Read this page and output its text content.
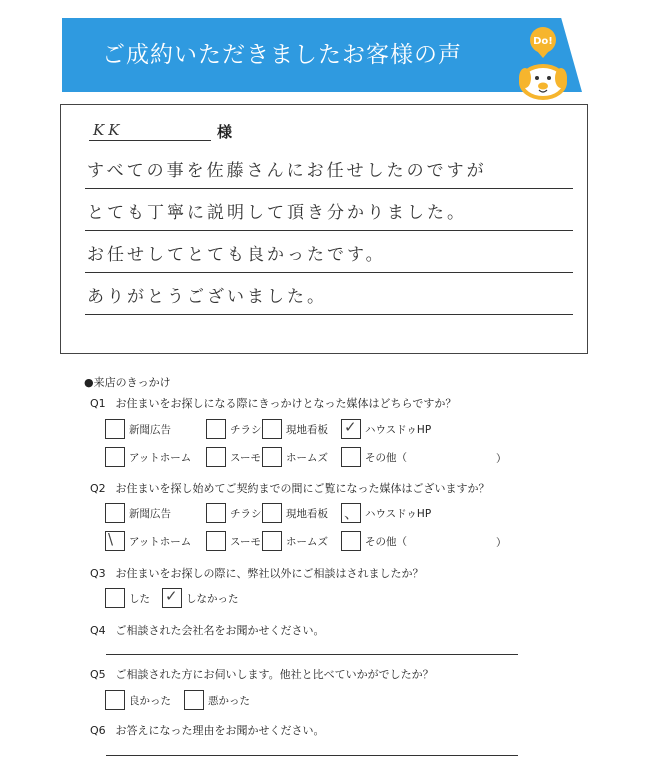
ご成約いただきましたお客様の声
Do!
KK	様
すべての事を佐藤さんにお任せしたのですが
とても丁寧に説明して頂き分かりました。
お任せしてとても良かったです。
ありがとうございました。
●来店のきっかけ
Q1 お住まいをお探しになる際にきっかけとなった媒体はどちらですか？
新聞広告	チラシ 現地看板 ✓ ハウスドゥHP
アットホーム	スーモ ホームズ	その他（	）
Q2 お住まいを探し始めてご契約までの間にご覧になった媒体はございますか？
新聞広告	チラシ 現地看板 、 ハウスドゥHP
\ アットホーム	スーモ ホームズ	その他（	）
Q3 お住まいをお探しの際に、弊社以外にご相談はされましたか？
した ✓ しなかった
Q4 ご相談された会社名をお聞かせください。
Q5 ご相談された方にお伺いします。他社と比べていかがでしたか？
良かった	悪かった
Q6 お答えになった理由をお聞かせください。
